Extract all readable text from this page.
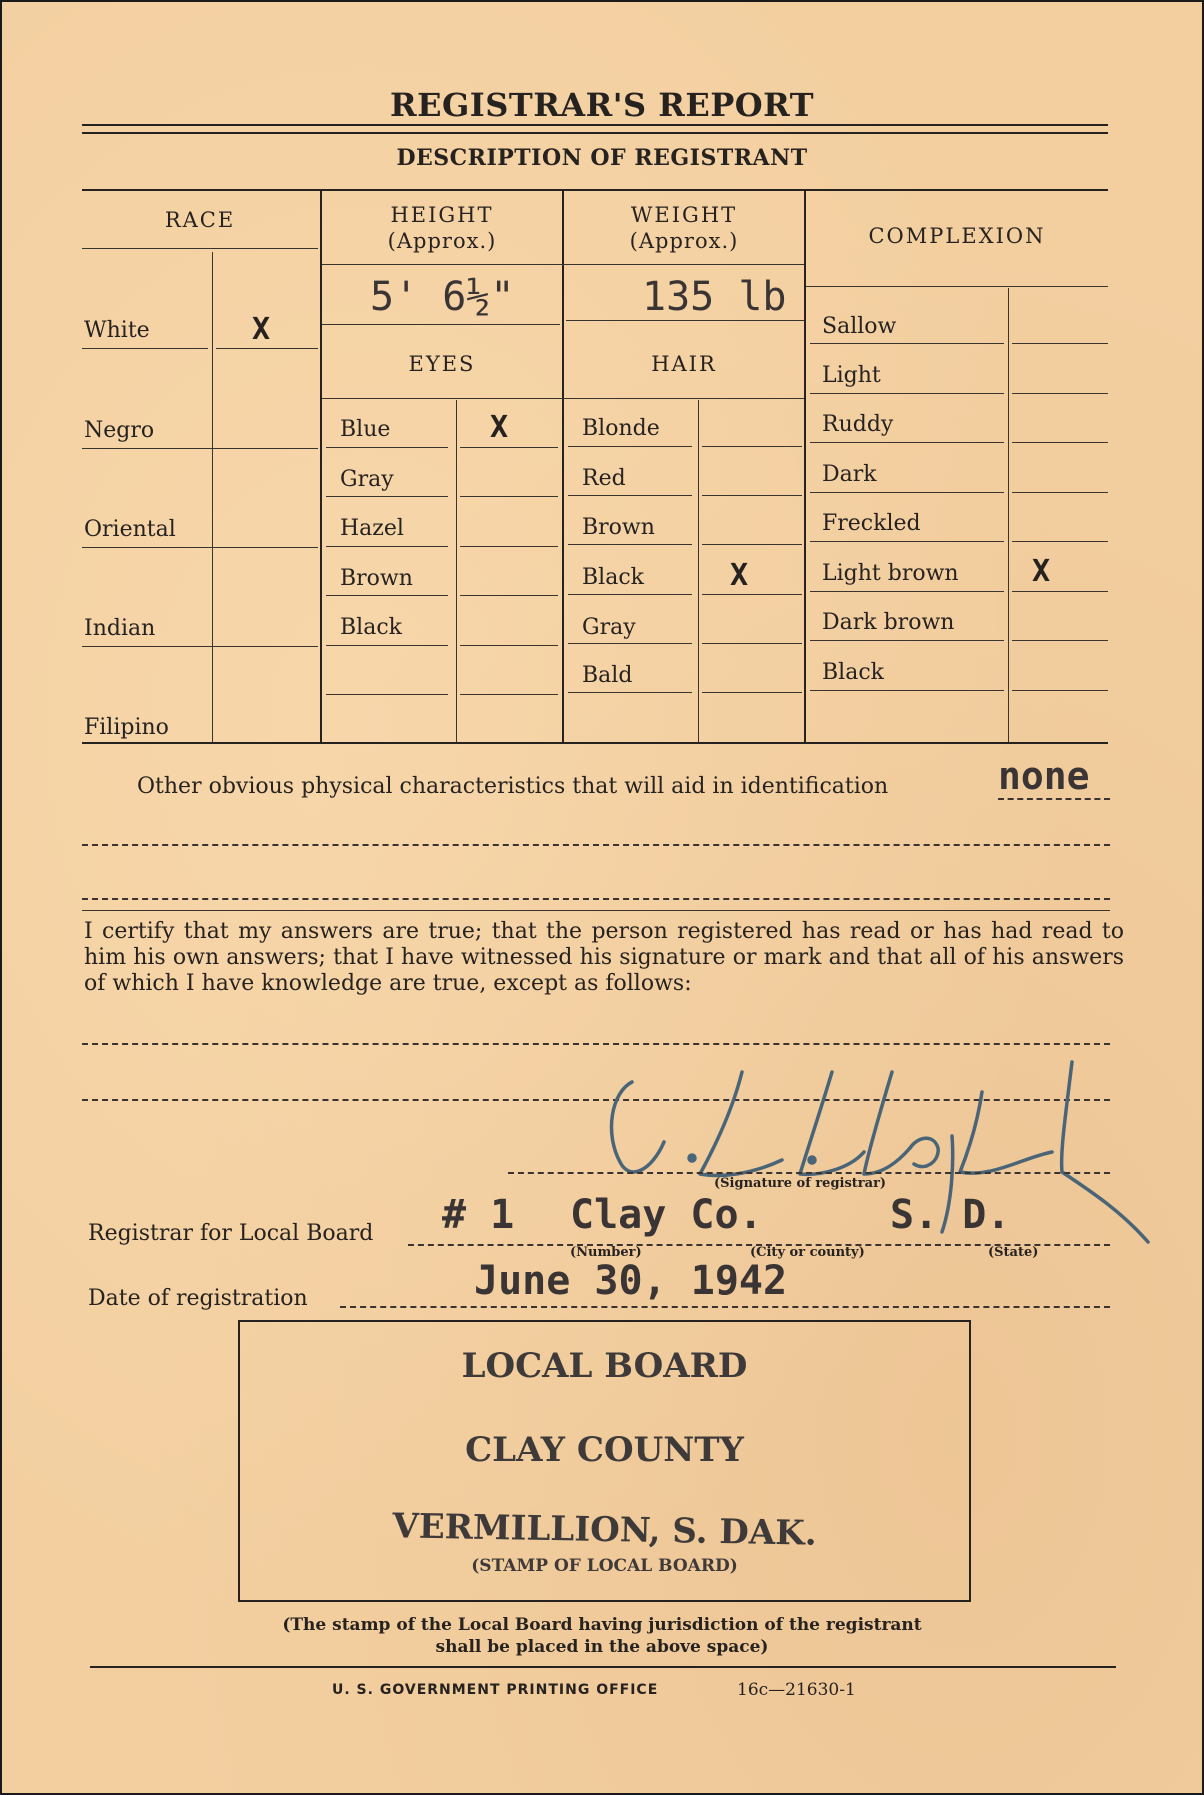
REGISTRAR'S REPORT
DESCRIPTION OF REGISTRANT
RACE
White	X
Negro
Oriental
Indian
Filipino
HEIGHT
(Approx.)
WEIGHT
(Approx.)
5' 6½"	135 lb
EYES	HAIR
Blue	X
Gray
Hazel
Brown
Black
Blonde
Red
Brown
Black	X
Gray
Bald
COMPLEXION
Sallow
Light
Ruddy
Dark
Freckled
Light brown X
Dark brown
Black
Other obvious physical characteristics that will aid in identification	none
I certify that my answers are true; that the person registered has read or has had read to him his own answers; that I have witnessed his signature or mark and that all of his answers of which I have knowledge are true, except as follows:
(Signature of registrar)
Registrar for Local Board # 1 Clay Co.	S. D.
(Number)	(City or county)	(State)
Date of registration	June 30, 1942
LOCAL BOARD
CLAY COUNTY
VERMILLION, S. DAK.
(STAMP OF LOCAL BOARD)
(The stamp of the Local Board having jurisdiction of the registrant
shall be placed in the above space)
U. S. GOVERNMENT PRINTING OFFICE	16c—21630-1
